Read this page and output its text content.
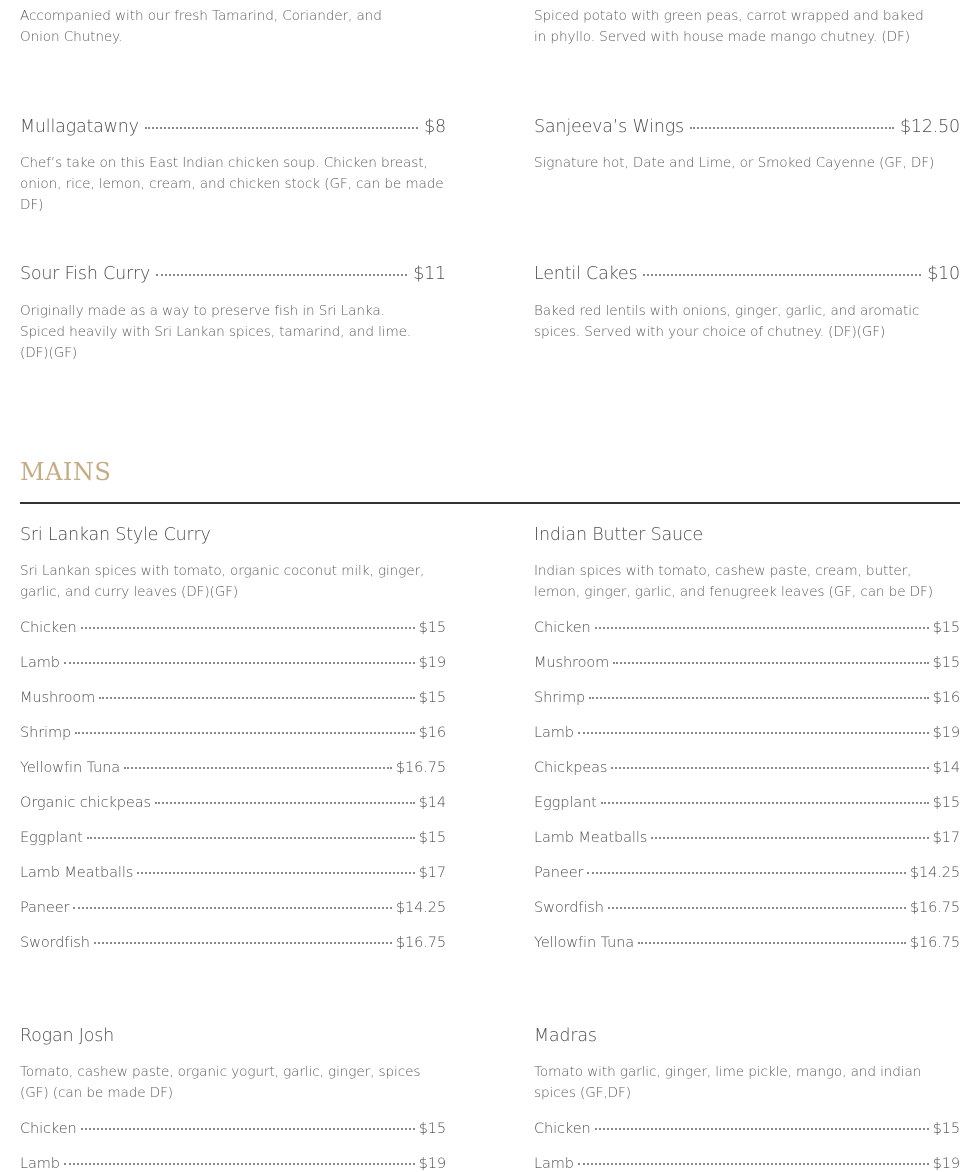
Accompanied with our fresh Tamarind, Coriander, and Onion Chutney.
Spiced potato with green peas, carrot wrapped and baked in phyllo. Served with house made mango chutney. (DF)
Mullagatawny	$8
Chef’s take on this East Indian chicken soup. Chicken breast, onion, rice, lemon, cream, and chicken stock (GF, can be made DF)
Sanjeeva’s Wings	$12.50
Signature hot, Date and Lime, or Smoked Cayenne (GF, DF)
Sour Fish Curry	$11
Originally made as a way to preserve fish in Sri Lanka. Spiced heavily with Sri Lankan spices, tamarind, and lime. (DF)(GF)
Lentil Cakes	$10
Baked red lentils with onions, ginger, garlic, and aromatic spices. Served with your choice of chutney. (DF)(GF)
MAINS
Sri Lankan Style Curry
Sri Lankan spices with tomato, organic coconut milk, ginger, garlic, and curry leaves (DF)(GF)
Chicken	$15
Lamb	$19
Mushroom	$15
Shrimp	$16
Yellowfin Tuna	$16.75
Organic chickpeas	$14
Eggplant	$15
Lamb Meatballs	$17
Paneer	$14.25
Swordfish	$16.75
Indian Butter Sauce
Indian spices with tomato, cashew paste, cream, butter, lemon, ginger, garlic, and fenugreek leaves (GF, can be DF)
Chicken	$15
Mushroom	$15
Shrimp	$16
Lamb	$19
Chickpeas	$14
Eggplant	$15
Lamb Meatballs	$17
Paneer	$14.25
Swordfish	$16.75
Yellowfin Tuna	$16.75
Rogan Josh
Tomato, cashew paste, organic yogurt, garlic, ginger, spices (GF) (can be made DF)
Chicken	$15
Lamb	$19
Madras
Tomato with garlic, ginger, lime pickle, mango, and indian spices (GF,DF)
Chicken	$15
Lamb	$19
